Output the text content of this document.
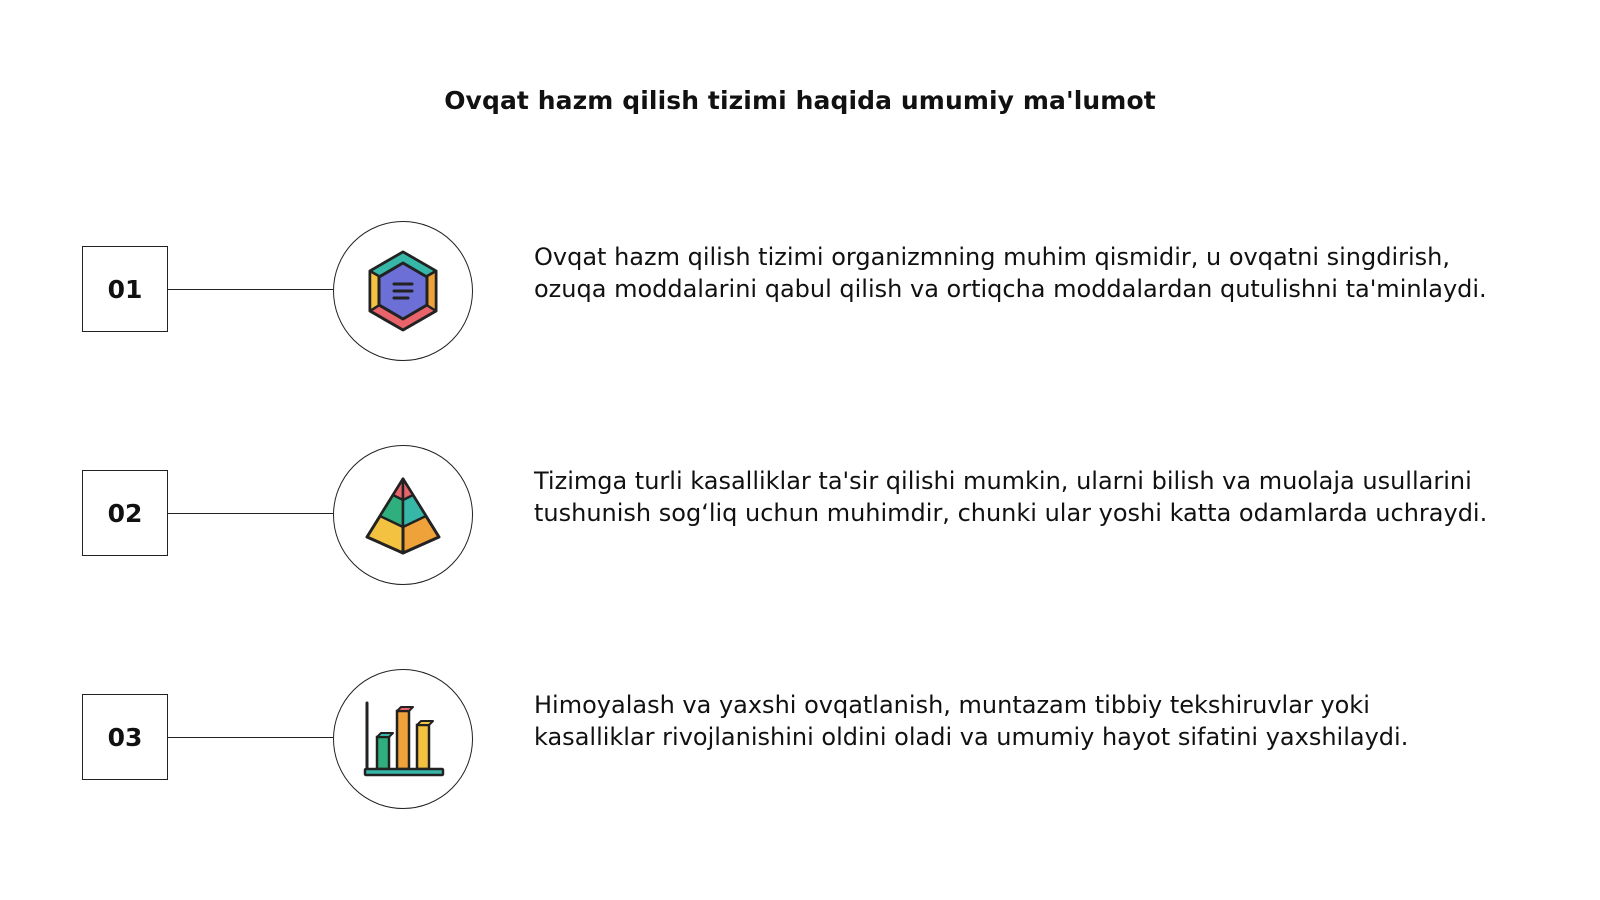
Ovqat hazm qilish tizimi haqida umumiy ma'lumot
01

Ovqat hazm qilish tizimi organizmning muhim qismidir, u ovqatni singdirish, ozuqa moddalarini qabul qilish va ortiqcha moddalardan qutulishni ta'minlaydi.

02

Tizimga turli kasalliklar ta'sir qilishi mumkin, ularni bilish va muolaja usullarini tushunish sog‘liq uchun muhimdir, chunki ular yoshi katta odamlarda uchraydi.

03

Himoyalash va yaxshi ovqatlanish, muntazam tibbiy tekshiruvlar yoki kasalliklar rivojlanishini oldini oladi va umumiy hayot sifatini yaxshilaydi.
